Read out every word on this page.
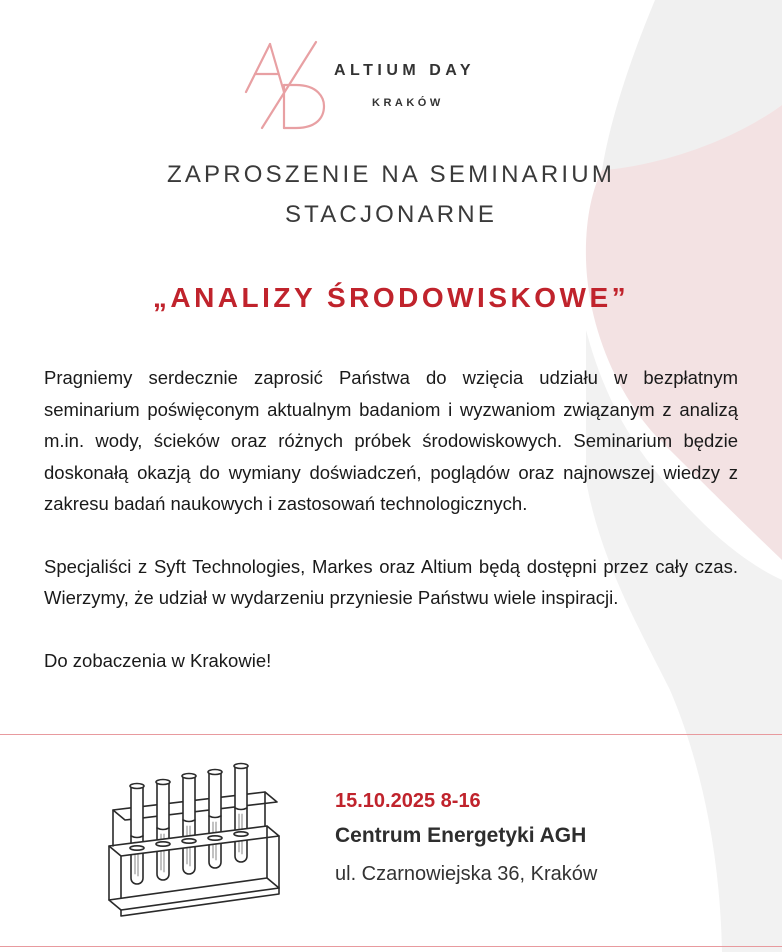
ALTIUM DAY
KRAKÓW
ZAPROSZENIE NA SEMINARIUM
STACJONARNE
„ANALIZY ŚRODOWISKOWE”

Pragniemy serdecznie zaprosić Państwa do wzięcia udziału w bezpłatnym seminarium poświęconym aktualnym badaniom i wyzwaniom związanym z analizą m.in. wody, ścieków oraz różnych próbek środowiskowych. Seminarium będzie doskonałą okazją do wymiany doświadczeń, poglądów oraz najnowszej wiedzy z zakresu badań naukowych i zastosowań technologicznych.

Specjaliści z Syft Technologies, Markes oraz Altium będą dostępni przez cały czas. Wierzymy, że udział w wydarzeniu przyniesie Państwu wiele inspiracji.

Do zobaczenia w Krakowie!

15.10.2025 8-16
Centrum Energetyki AGH
ul. Czarnowiejska 36, Kraków
